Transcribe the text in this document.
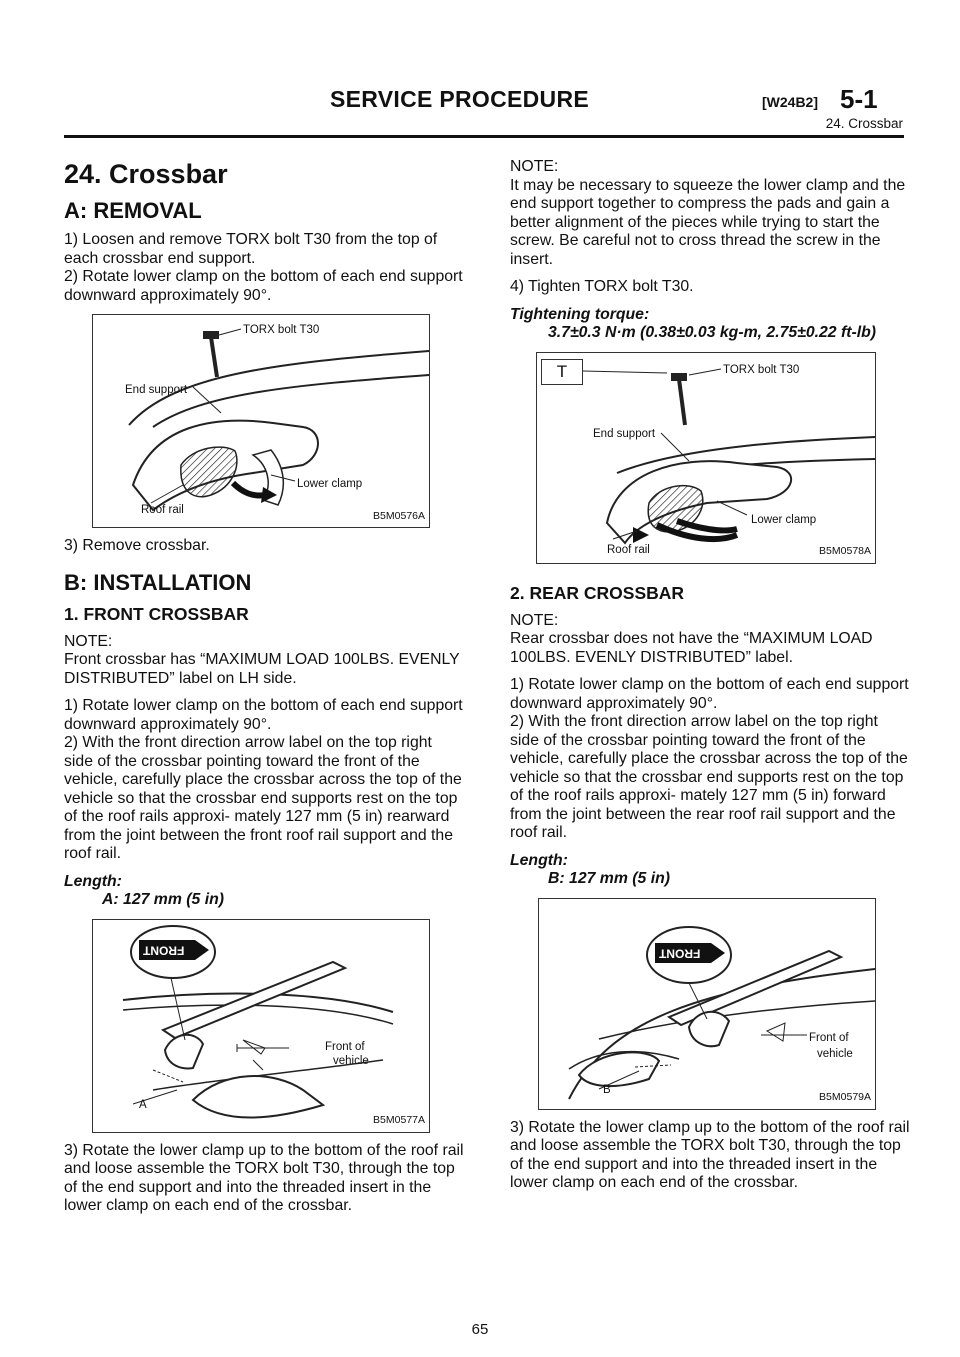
SERVICE PROCEDURE	[W24B2] 5-1
24. Crossbar

24. Crossbar

A: REMOVAL

1) Loosen and remove TORX bolt T30 from the top of each crossbar end support.

2) Rotate lower clamp on the bottom of each end support downward approximately 90°.

TORX bolt T30
End support
Lower clamp
Roof rail	B5M0576A

3) Remove crossbar.

B: INSTALLATION

1. FRONT CROSSBAR

NOTE:

Front crossbar has “MAXIMUM LOAD 100LBS. EVENLY DISTRIBUTED” label on LH side.

1) Rotate lower clamp on the bottom of each end support downward approximately 90°.

2) With the front direction arrow label on the top right side of the crossbar pointing toward the front of the vehicle, carefully place the crossbar across the top of the vehicle so that the crossbar end supports rest on the top of the roof rails approxi- mately 127 mm (5 in) rearward from the joint between the front roof rail support and the roof rail.

Length:

A: 127 mm (5 in)

FRONT
Front of
vehicle
A
B5M0577A

3) Rotate the lower clamp up to the bottom of the roof rail and loose assemble the TORX bolt T30, through the top of the end support and into the threaded insert in the lower clamp on each end of the crossbar.

NOTE:

It may be necessary to squeeze the lower clamp and the end support together to compress the pads and gain a better alignment of the pieces while trying to start the screw. Be careful not to cross thread the screw in the insert.

4) Tighten TORX bolt T30.

Tightening torque:

3.7±0.3 N·m (0.38±0.03 kg-m, 2.75±0.22 ft-lb)

T	TORX bolt T30
End support
Lower clamp
Roof rail	B5M0578A

2. REAR CROSSBAR

NOTE:

Rear crossbar does not have the “MAXIMUM LOAD 100LBS. EVENLY DISTRIBUTED” label.

1) Rotate lower clamp on the bottom of each end support downward approximately 90°.

2) With the front direction arrow label on the top right side of the crossbar pointing toward the front of the vehicle, carefully place the crossbar across the top of the vehicle so that the crossbar end supports rest on the top of the roof rails approxi- mately 127 mm (5 in) forward from the joint between the rear roof rail support and the roof rail.

Length:

B: 127 mm (5 in)

FRONT
Front of
vehicle
B
B5M0579A

3) Rotate the lower clamp up to the bottom of the roof rail and loose assemble the TORX bolt T30, through the top of the end support and into the threaded insert in the lower clamp on each end of the crossbar.

65
